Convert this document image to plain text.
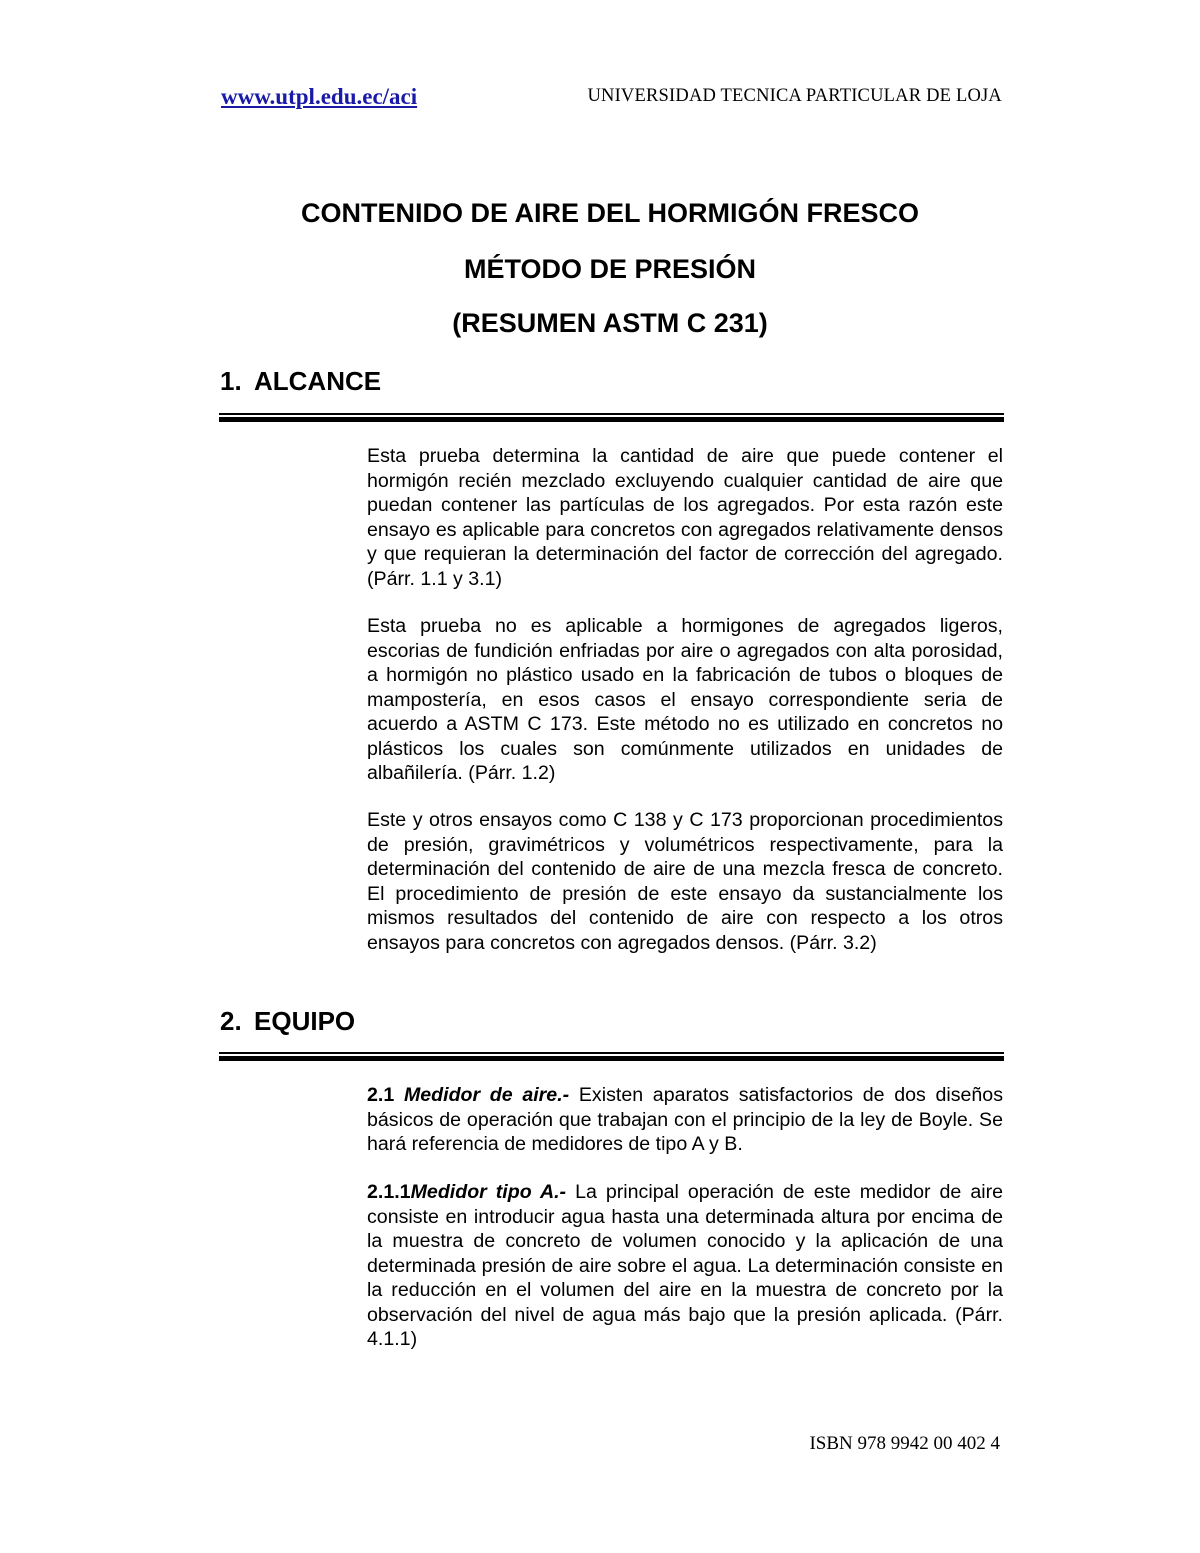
www.utpl.edu.ec/aci	UNIVERSIDAD TECNICA PARTICULAR DE LOJA
CONTENIDO DE AIRE DEL HORMIGÓN FRESCO
MÉTODO DE PRESIÓN
(RESUMEN ASTM C 231)
1. ALCANCE
Esta prueba determina la cantidad de aire que puede contener el hormigón recién mezclado excluyendo cualquier cantidad de aire que puedan contener las partículas de los agregados. Por esta razón este ensayo es aplicable para concretos con agregados relativamente densos y que requieran la determinación del factor de corrección del agregado. (Párr. 1.1 y 3.1)
Esta prueba no es aplicable a hormigones de agregados ligeros, escorias de fundición enfriadas por aire o agregados con alta porosidad, a hormigón no plástico usado en la fabricación de tubos o bloques de mampostería, en esos casos el ensayo correspondiente seria de acuerdo a ASTM C 173. Este método no es utilizado en concretos no plásticos los cuales son comúnmente utilizados en unidades de albañilería. (Párr. 1.2)
Este y otros ensayos como C 138 y C 173 proporcionan procedimientos de presión, gravimétricos y volumétricos respectivamente, para la determinación del contenido de aire de una mezcla fresca de concreto. El procedimiento de presión de este ensayo da sustancialmente los mismos resultados del contenido de aire con respecto a los otros ensayos para concretos con agregados densos. (Párr. 3.2)
2. EQUIPO
2.1 Medidor de aire.- Existen aparatos satisfactorios de dos diseños básicos de operación que trabajan con el principio de la ley de Boyle. Se hará referencia de medidores de tipo A y B.
2.1.1Medidor tipo A.- La principal operación de este medidor de aire consiste en introducir agua hasta una determinada altura por encima de la muestra de concreto de volumen conocido y la aplicación de una determinada presión de aire sobre el agua. La determinación consiste en la reducción en el volumen del aire en la muestra de concreto por la observación del nivel de agua más bajo que la presión aplicada. (Párr. 4.1.1)
ISBN 978 9942 00 402 4
